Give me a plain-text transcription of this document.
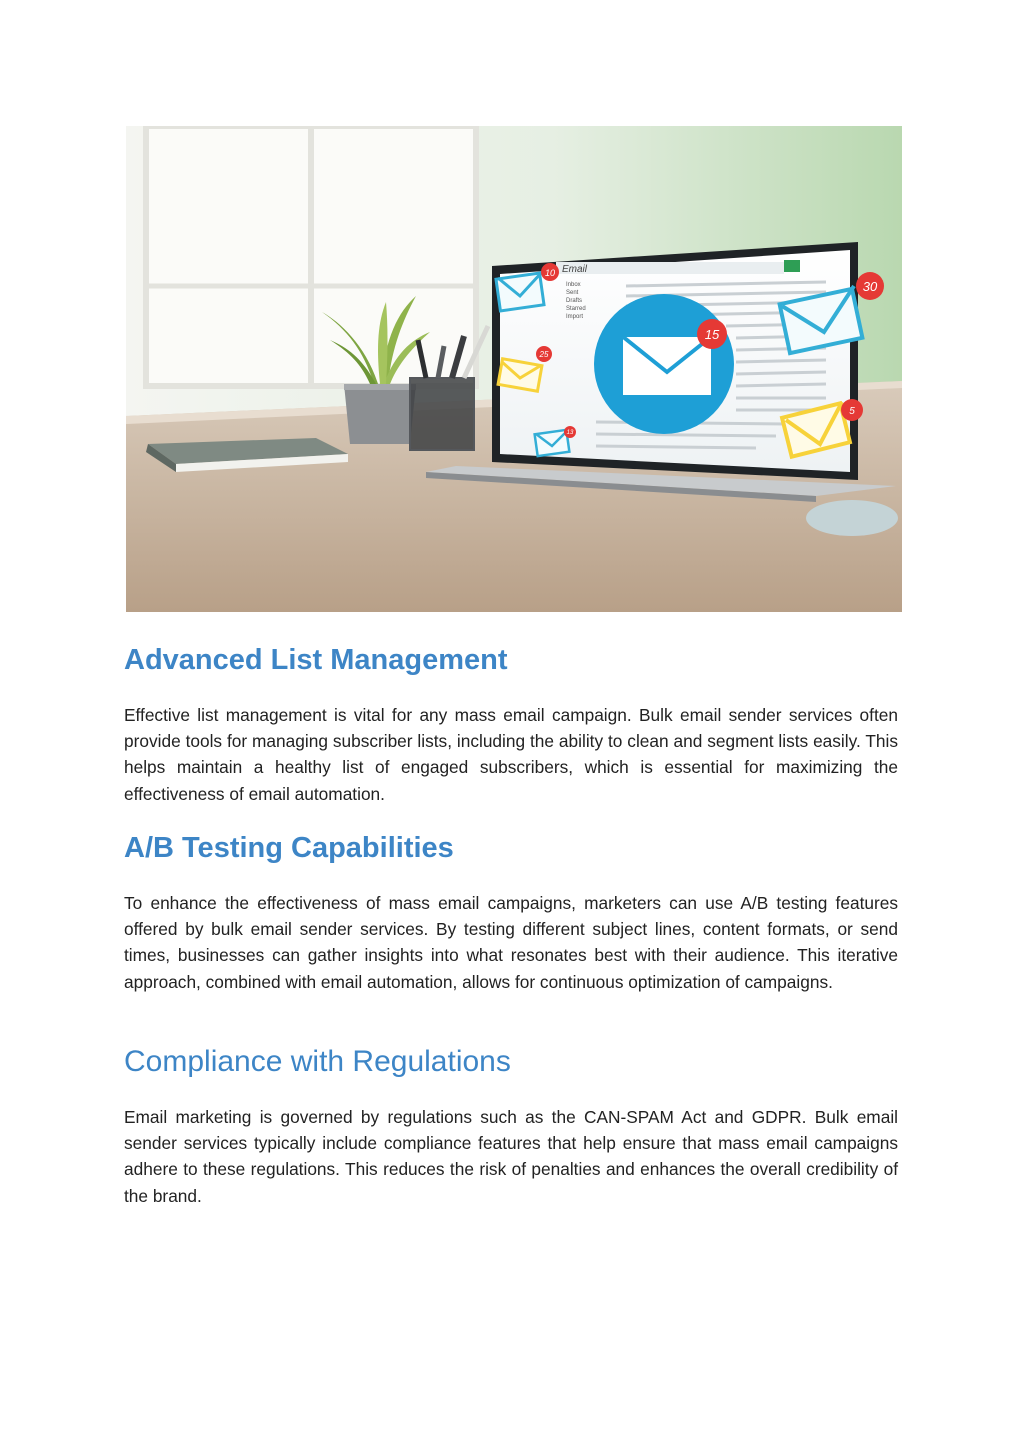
Email
Inbox
Sent
Drafts
Starred
Import
15
10
25
30
5
13
Advanced List Management

Effective list management is vital for any mass email campaign. Bulk email sender services often provide tools for managing subscriber lists, including the ability to clean and segment lists easily. This helps maintain a healthy list of engaged subscribers, which is essential for maximizing the effectiveness of email automation.

A/B Testing Capabilities

To enhance the effectiveness of mass email campaigns, marketers can use A/B testing features offered by bulk email sender services. By testing different subject lines, content formats, or send times, businesses can gather insights into what resonates best with their audience. This iterative approach, combined with email automation, allows for continuous optimization of campaigns.

Compliance with Regulations

Email marketing is governed by regulations such as the CAN-SPAM Act and GDPR. Bulk email sender services typically include compliance features that help ensure that mass email campaigns adhere to these regulations. This reduces the risk of penalties and enhances the overall credibility of the brand.
